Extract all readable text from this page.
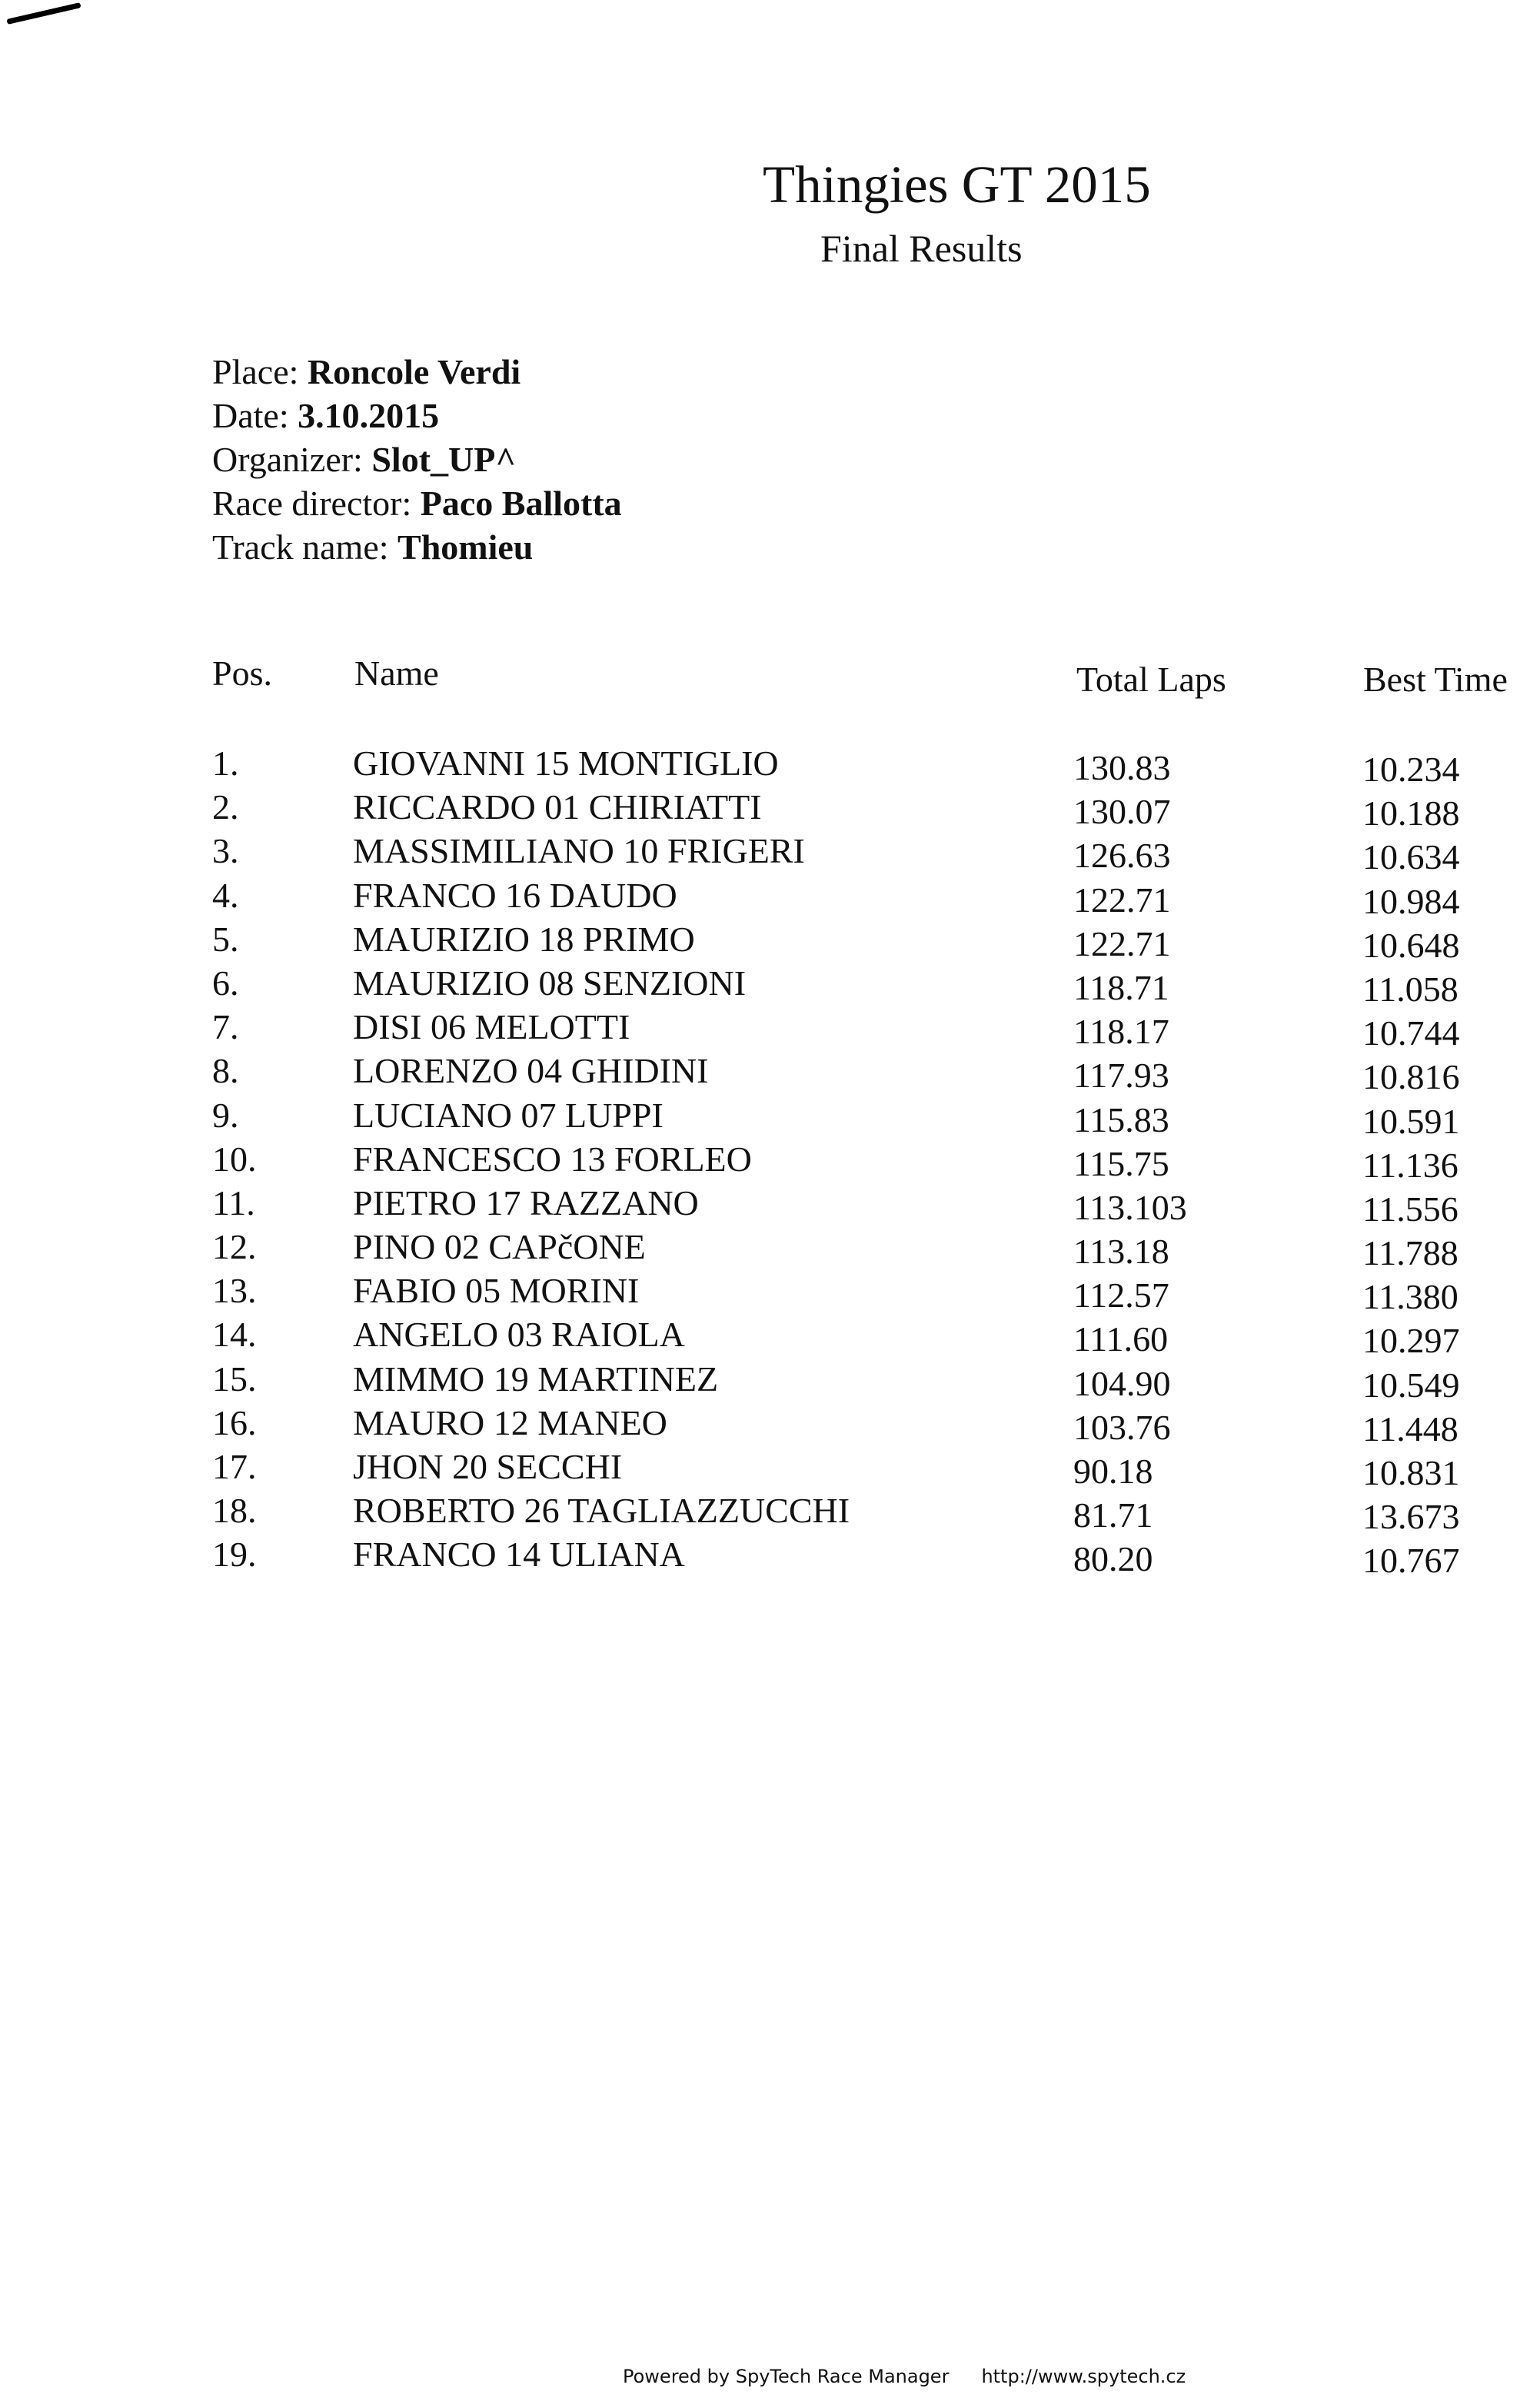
Thingies GT 2015
Final Results
Place: Roncole Verdi
Date: 3.10.2015
Organizer: Slot_UP^
Race director: Paco Ballotta
Track name: Thomieu
Pos. Name	Total Laps	Best Time
1.	GIOVANNI 15 MONTIGLIO	130.83	10.234
2.	RICCARDO 01 CHIRIATTI	130.07	10.188
3.	MASSIMILIANO 10 FRIGERI	126.63	10.634
4.	FRANCO 16 DAUDO	122.71	10.984
5.	MAURIZIO 18 PRIMO	122.71	10.648
6.	MAURIZIO 08 SENZIONI	118.71	11.058
7.	DISI 06 MELOTTI	118.17	10.744
8.	LORENZO 04 GHIDINI	117.93	10.816
9.	LUCIANO 07 LUPPI	115.83	10.591
10.	FRANCESCO 13 FORLEO	115.75	11.136
11.	PIETRO 17 RAZZANO	113.103	11.556
12.	PINO 02 CAPčONE	113.18	11.788
13.	FABIO 05 MORINI	112.57	11.380
14.	ANGELO 03 RAIOLA	111.60	10.297
15.	MIMMO 19 MARTINEZ	104.90	10.549
16.	MAURO 12 MANEO	103.76	11.448
17.	JHON 20 SECCHI	90.18	10.831
18.	ROBERTO 26 TAGLIAZZUCCHI	81.71	13.673
19.	FRANCO 14 ULIANA	80.20	10.767
Powered by SpyTech Race Manager http://www.spytech.cz
